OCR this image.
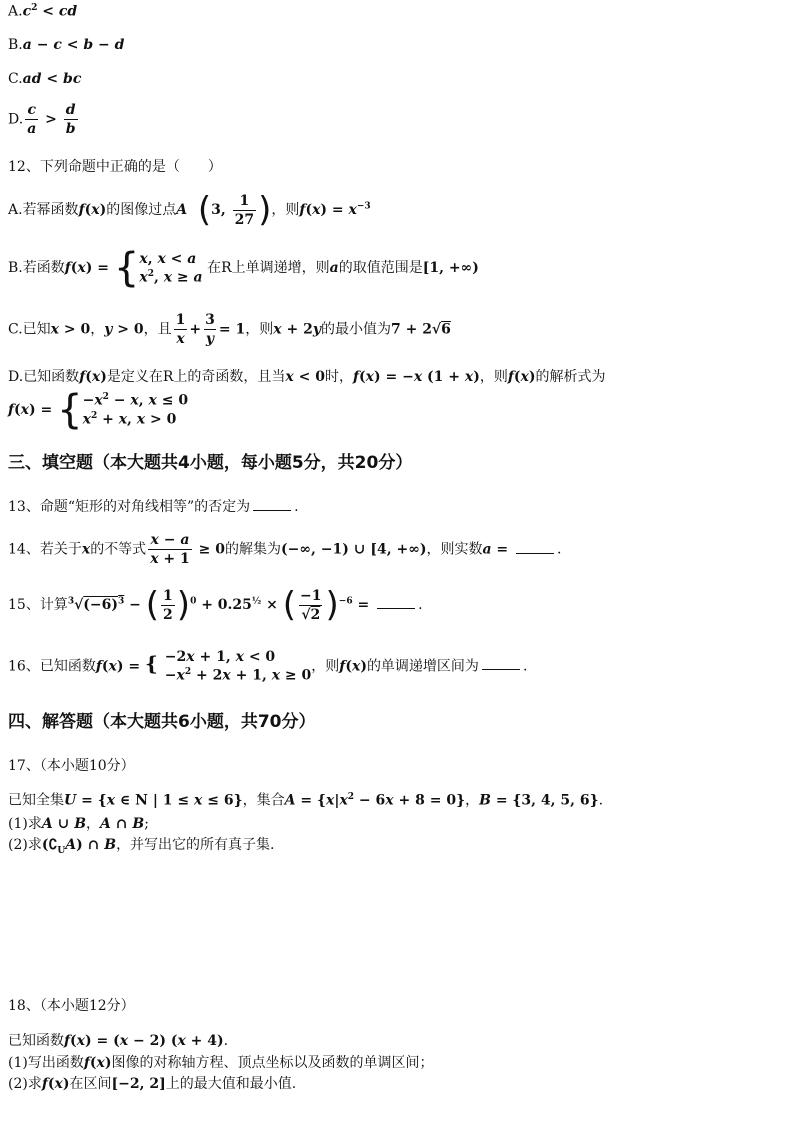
$A.c^2$ < cd
B.a − c < b − d
C.ad < bc
D. $\frac{c}{a} > \frac{d}{b}$
12、下列命题中正确的是（　　）
A.若幂函数f(x)的图像过点A (3, $\frac{1}{27}$ )，则$f(x) = x^{-3}$
B.若函数f(x) = { x, x < a
$x^2$, x ≥ a
在R上单调递增，则a的取值范围是[1, +∞)
C.已知x > 0，y > 0，且 $\frac{1}{x} + \frac{3}{y} = 1$，则x + 2y的最小值为7 + 2√6
D.已知函数f(x)是定义在R上的奇函数，且当x < 0时，f(x) = −x (1 + x)，则f(x)的解析式为
f(x) = { $-x^2 - x$, x ≤ 0
$x^2 + x$, x > 0
三、填空题（本大题共4小题，每小题5分，共20分）
13、命题“矩形的对角线相等”的否定为	.
14、若关于x的不等式 $\frac{x - a}{x + 1} \ge 0$的解集为(−∞, −1) ∪ [4, +∞)，则实数a =	.
15、计算$^3√(-6)^3$ − ( $\frac{1}{2} )^0 + 0.25^{\frac{1}{2}}$ × ( $\frac{-1}{√2} )^{-6}$ =	.
16、已知函数f(x) = { −2x + 1, x < 0
$-x^2 + 2x + 1$, x ≥ 0
，则f(x)的单调递增区间为	.
四、解答题（本大题共6小题，共70分）
17、（本小题10分）
已知全集U = {x ∈ N | 1 ≤ x ≤ 6}，集合$A = \{x|x^2 - 6x + 8 = 0\}$，B = {3, 4, 5, 6}.
(1)求A ∪ B，A ∩ B;
(2)求$(∁_UA)$ ∩ B，并写出它的所有真子集.
18、（本小题12分）
已知函数f(x) = (x − 2) (x + 4).
(1)写出函数f(x)图像的对称轴方程、顶点坐标以及函数的单调区间；
(2)求f(x)在区间[−2, 2]上的最大值和最小值.
